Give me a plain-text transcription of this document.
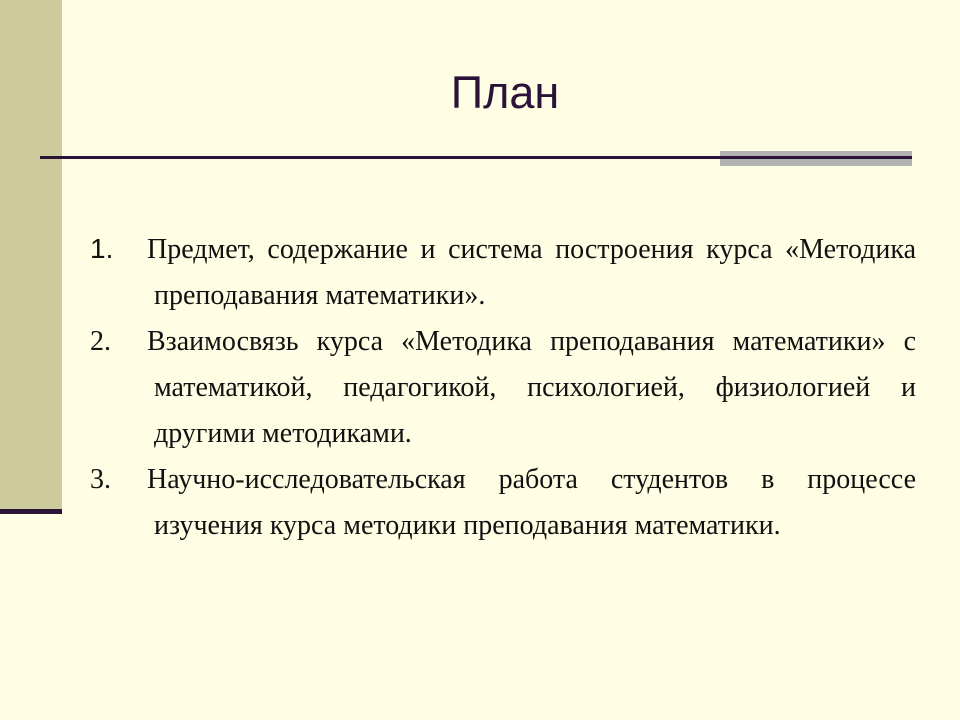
План
1. Предмет, содержание и система построения курса «Методика преподавания математики».
2. Взаимосвязь курса «Методика преподавания математики» с математикой, педагогикой, психологией, физиологией и другими методиками.
3. Научно-исследовательская работа студентов в процессе изучения курса методики преподавания математики.
